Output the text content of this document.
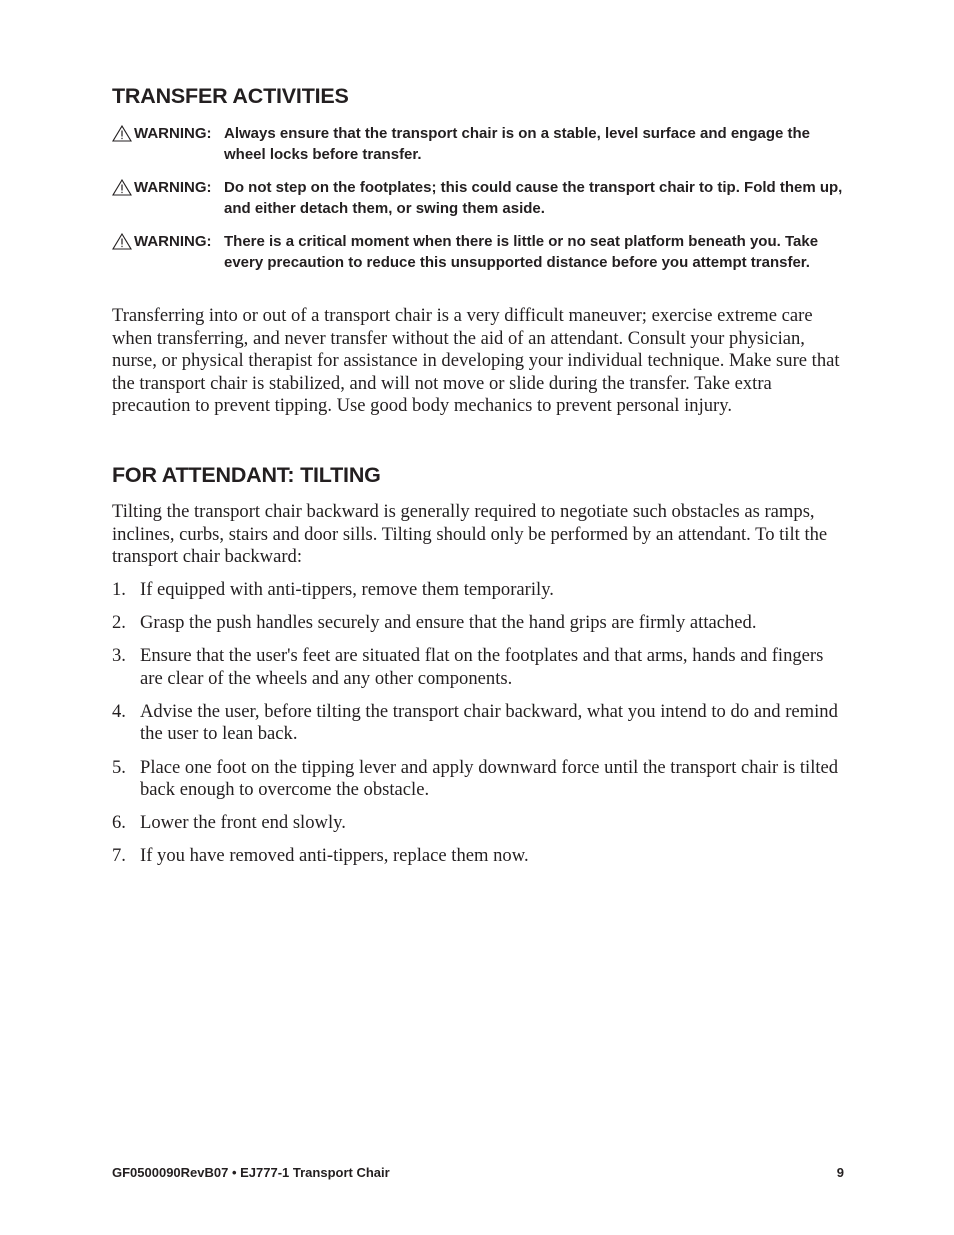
TRANSFER ACTIVITIES
WARNING: Always ensure that the transport chair is on a stable, level surface and engage the wheel locks before transfer.
WARNING: Do not step on the footplates; this could cause the transport chair to tip. Fold them up, and either detach them, or swing them aside.
WARNING: There is a critical moment when there is little or no seat platform beneath you. Take every precaution to reduce this unsupported distance before you attempt transfer.

Transferring into or out of a transport chair is a very difficult maneuver; exercise extreme care when transferring, and never transfer without the aid of an attendant. Consult your physician, nurse, or physical therapist for assistance in developing your individual technique. Make sure that the transport chair is stabilized, and will not move or slide during the transfer. Take extra precaution to prevent tipping. Use good body mechanics to prevent personal injury.

FOR ATTENDANT: TILTING

Tilting the transport chair backward is generally required to negotiate such obstacles as ramps, inclines, curbs, stairs and door sills. Tilting should only be performed by an attendant. To tilt the transport chair backward:

1. If equipped with anti-tippers, remove them temporarily.
2. Grasp the push handles securely and ensure that the hand grips are firmly attached.
3. Ensure that the user's feet are situated flat on the footplates and that arms, hands and fingers are clear of the wheels and any other components.
4. Advise the user, before tilting the transport chair backward, what you intend to do and remind the user to lean back.
5. Place one foot on the tipping lever and apply downward force until the transport chair is tilted back enough to overcome the obstacle.
6. Lower the front end slowly.
7. If you have removed anti-tippers, replace them now.
GF0500090RevB07 • EJ777-1 Transport Chair	9
